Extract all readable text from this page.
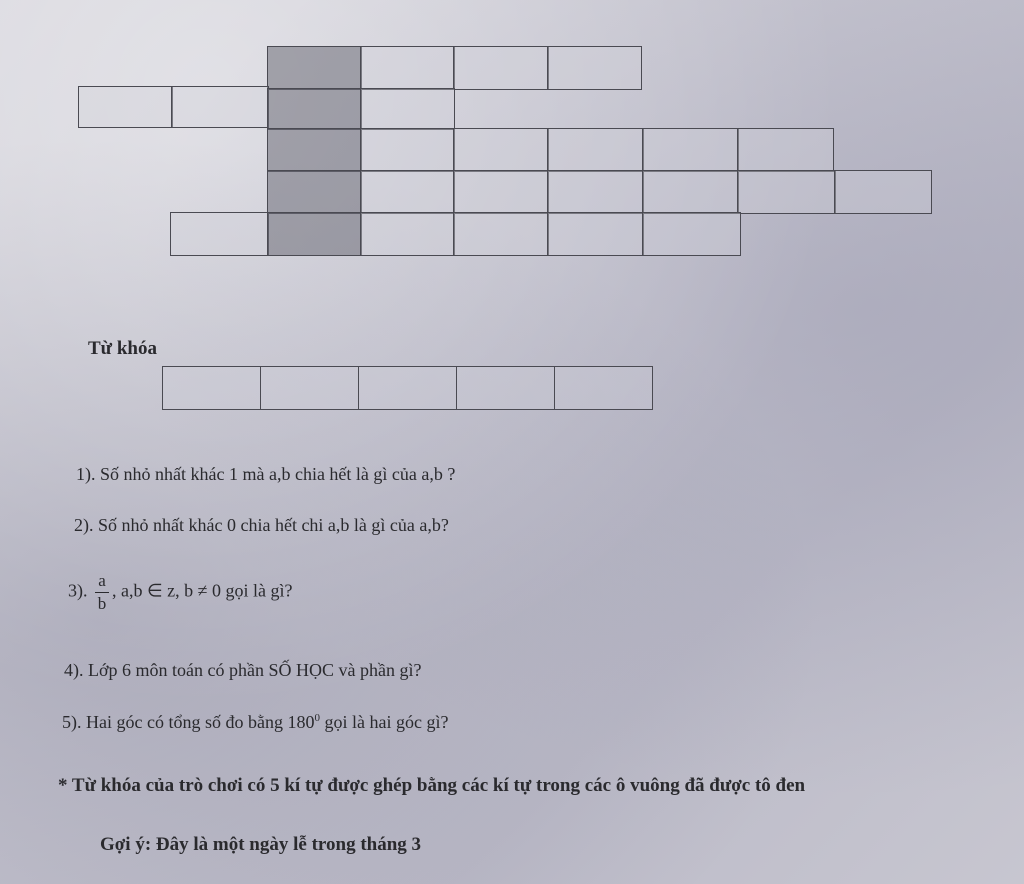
Từ khóa
1). Số nhỏ nhất khác 1 mà a,b chia hết là gì của a,b ?
2). Số nhỏ nhất khác 0 chia hết chi a,b là gì của a,b?
3). $\frac{a}{b}$ , a,b ∈ z, b ≠ 0 gọi là gì?
4). Lớp 6 môn toán có phần SỐ HỌC và phần gì?
5). Hai góc có tổng số đo bằng $180^0$ gọi là hai góc gì?
* Từ khóa của trò chơi có 5 kí tự được ghép bằng các kí tự trong các ô vuông đã được tô đen
Gợi ý: Đây là một ngày lễ trong tháng 3
